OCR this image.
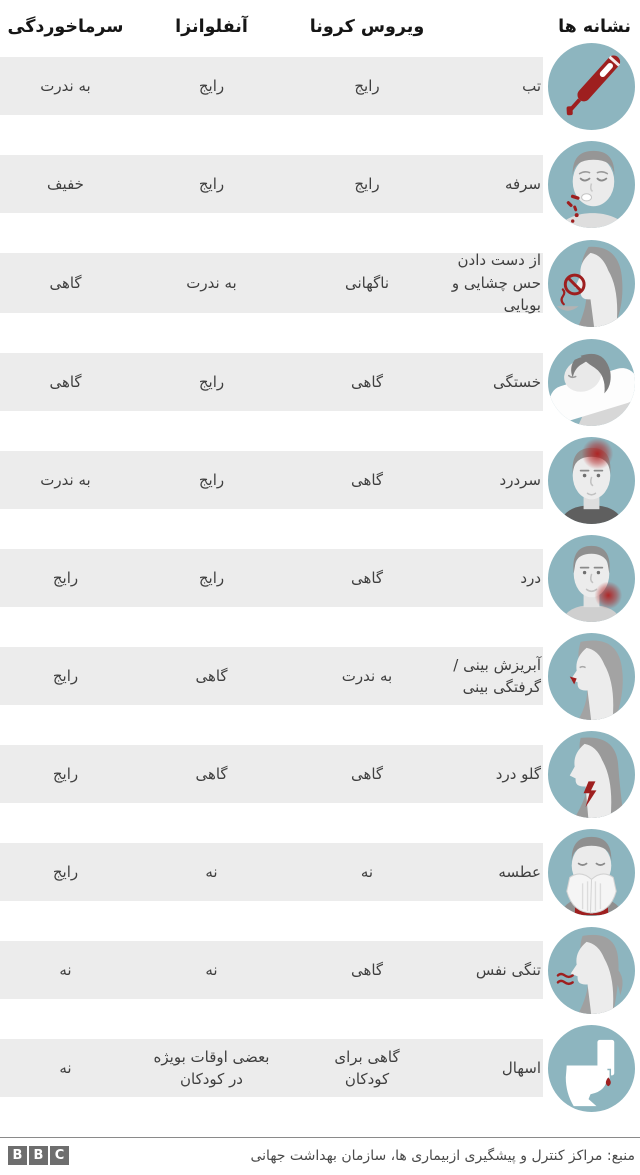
نشانه ها
ویروس کرونا
آنفلوانزا
سرماخوردگی
تب
رایج
رایج
به ندرت
سرفه
رایج
رایج
خفیف
از دست دادن حس چشایی و بویایی
ناگهانی
به ندرت
گاهی
خستگی
گاهی
رایج
گاهی
سردرد
گاهی
رایج
به ندرت
درد
گاهی
رایج
رایج
آبریزش بینی / گرفتگی بینی
به ندرت
گاهی
رایج
گلو درد
گاهی
گاهی
رایج
عطسه
نه
نه
رایج
تنگی نفس
گاهی
نه
نه
اسهال
گاهی برای کودکان
بعضی اوقات بویژه در کودکان
نه
منبع: مراکز کنترل و پیشگیری ازبیماری ها، سازمان بهداشت جهانی
B B C
